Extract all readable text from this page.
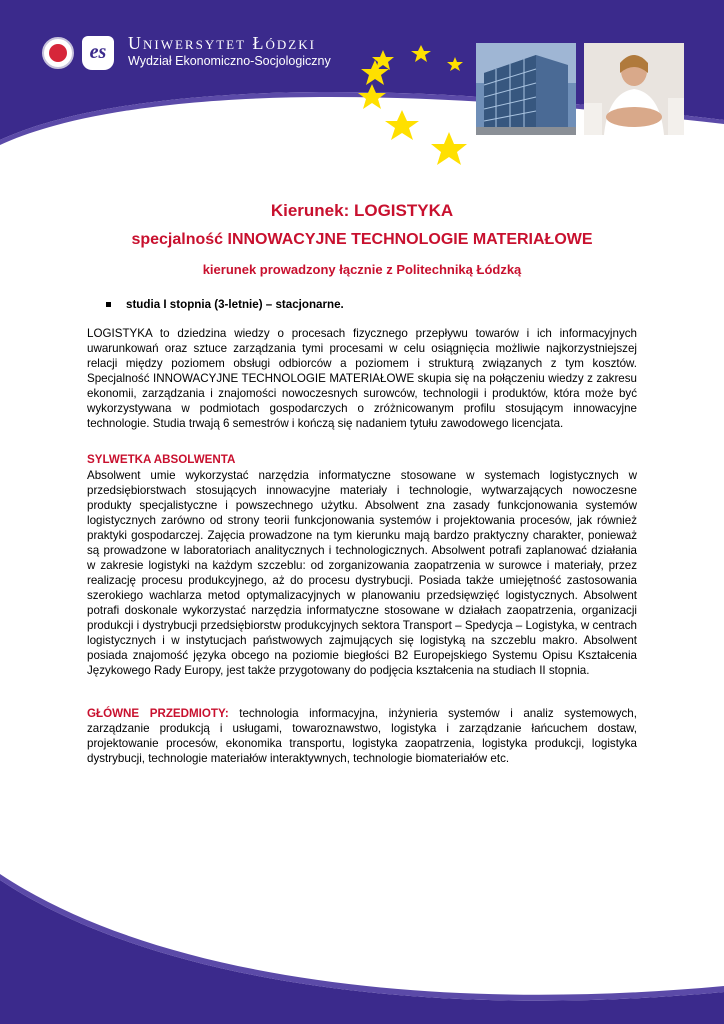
es	Uniwersytet Łódzki
Wydział Ekonomiczno-Socjologiczny
Kierunek: LOGISTYKA
specjalność INNOWACYJNE TECHNOLOGIE MATERIAŁOWE
kierunek prowadzony łącznie z Politechniką Łódzką
studia I stopnia (3-letnie) – stacjonarne.
LOGISTYKA to dziedzina wiedzy o procesach fizycznego przepływu towarów i ich informacyjnych uwarunkowań oraz sztuce zarządzania tymi procesami w celu osiągnięcia możliwie najkorzystniejszej relacji między poziomem obsługi odbiorców a poziomem i strukturą związanych z tym kosztów. Specjalność INNOWACYJNE TECHNOLOGIE MATERIAŁOWE skupia się na połączeniu wiedzy z zakresu ekonomii, zarządzania i znajomości nowoczesnych surowców, technologii i produktów, która może być wykorzystywana w podmiotach gospodarczych o zróżnicowanym profilu stosującym innowacyjne technologie. Studia trwają 6 semestrów i kończą się nadaniem tytułu zawodowego licencjata.
SYLWETKA ABSOLWENTA
Absolwent umie wykorzystać narzędzia informatyczne stosowane w systemach logistycznych w przedsiębiorstwach stosujących innowacyjne materiały i technologie, wytwarzających nowoczesne produkty specjalistyczne i powszechnego użytku. Absolwent zna zasady funkcjonowania systemów logistycznych zarówno od strony teorii funkcjonowania systemów i projektowania procesów, jak również praktyki gospodarczej. Zajęcia prowadzone na tym kierunku mają bardzo praktyczny charakter, ponieważ są prowadzone w laboratoriach analitycznych i technologicznych. Absolwent potrafi zaplanować działania w zakresie logistyki na każdym szczeblu: od zorganizowania zaopatrzenia w surowce i materiały, przez realizację procesu produkcyjnego, aż do procesu dystrybucji. Posiada także umiejętność zastosowania szerokiego wachlarza metod optymalizacyjnych w planowaniu przedsięwzięć logistycznych. Absolwent potrafi doskonale wykorzystać narzędzia informatyczne stosowane w działach zaopatrzenia, organizacji produkcji i dystrybucji przedsiębiorstw produkcyjnych sektora Transport – Spedycja – Logistyka, w centrach logistycznych i w instytucjach państwowych zajmujących się logistyką na szczeblu makro. Absolwent posiada znajomość języka obcego na poziomie biegłości B2 Europejskiego Systemu Opisu Kształcenia Językowego Rady Europy, jest także przygotowany do podjęcia kształcenia na studiach II stopnia.
GŁÓWNE PRZEDMIOTY: technologia informacyjna, inżynieria systemów i analiz systemowych, zarządzanie produkcją i usługami, towaroznawstwo, logistyka i zarządzanie łańcuchem dostaw, projektowanie procesów, ekonomika transportu, logistyka zaopatrzenia, logistyka produkcji, logistyka dystrybucji, technologie materiałów interaktywnych, technologie biomateriałów etc.
